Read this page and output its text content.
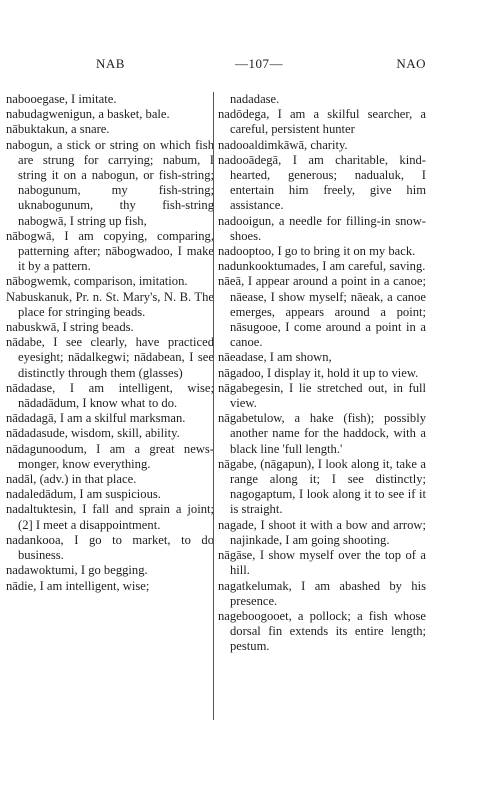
NAB	—107—	NAO

nabooegase, I imitate.

nabudagwenigun, a basket, bale.

nābuktakun, a snare.

nabogun, a stick or string on which fish are strung for carrying; nabum, I string it on a nabogun, or fish-string; nabogunum, my fish-string; uknabogunum, thy fish-string nabogwā, I string up fish,

nābogwā, I am copying, comparing, patterning after; nābogwadoo, I make it by a pattern.

nābogwemk, comparison, imitation.

Nabuskanuk, Pr. n. St. Mary's, N. B. The place for stringing beads.

nabuskwā, I string beads.

nādabe, I see clearly, have practiced eyesight; nādalkegwi; nādabean, I see distinctly through them (glasses)

nādadase, I am intelligent, wise; nādadādum, I know what to do.

nādadagā, I am a skilful marksman.

nādadasude, wisdom, skill, ability.

nādagunoodum, I am a great news-monger, know everything.

nadāl, (adv.) in that place.

nadaledādum, I am suspicious.

nadaltuktesin, I fall and sprain a joint; (2] I meet a disappointment.

nadankooa, I go to market, to do business.

nadawoktumi, I go begging.

nādie, I am intelligent, wise;

nadadase.

nadōdega, I am a skilful searcher, a careful, persistent hunter

nadooaldimkāwā, charity.

nadooādegā, I am charitable, kind-hearted, generous; nadualuk, I entertain him freely, give him assistance.

nadooigun, a needle for filling-in snow-shoes.

nadooptoo, I go to bring it on my back.

nadunkooktumades, I am careful, saving.

nāeā, I appear around a point in a canoe; nāease, I show myself; nāeak, a canoe emerges, appears around a point; nāsugooe, I come around a point in a canoe.

nāeadase, I am shown,

nāgadoo, I display it, hold it up to view.

nāgabegesin, I lie stretched out, in full view.

nāgabetulow, a hake (fish); possibly another name for the haddock, with a black line 'full length.'

nāgabe, (nāgapun), I look along it, take a range along it; I see distinctly; nagogaptum, I look along it to see if it is straight.

nagade, I shoot it with a bow and arrow; najinkade, I am going shooting.

nāgāse, I show myself over the top of a hill.

nagatkelumak, I am abashed by his presence.

nageboogooet, a pollock; a fish whose dorsal fin extends its entire length; pestum.
